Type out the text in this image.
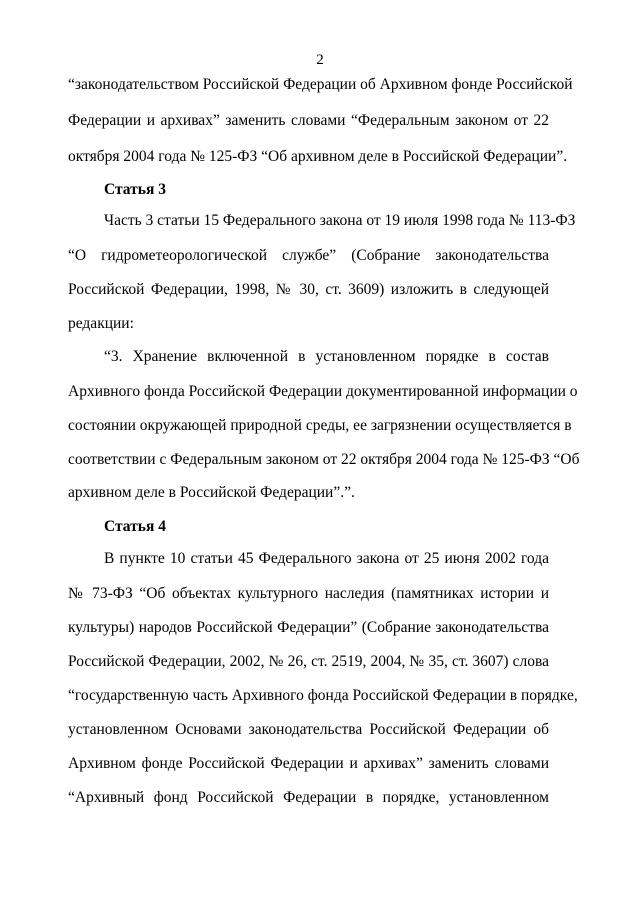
2
“законодательством Российской Федерации об Архивном фонде Российской
Федерации и архивах” заменить словами “Федеральным законом от 22
октября 2004 года № 125-ФЗ “Об архивном деле в Российской Федерации”.
Статья 3
Часть 3 статьи 15 Федерального закона от 19 июля 1998 года № 113-ФЗ
“О гидрометеорологической службе” (Собрание законодательства
Российской Федерации, 1998, № 30, ст. 3609) изложить в следующей
редакции:
“3. Хранение включенной в установленном порядке в состав
Архивного фонда Российской Федерации документированной информации о
состоянии окружающей природной среды, ее загрязнении осуществляется в
соответствии с Федеральным законом от 22 октября 2004 года № 125-ФЗ “Об
архивном деле в Российской Федерации”.”.
Статья 4
В пункте 10 статьи 45 Федерального закона от 25 июня 2002 года
№ 73-ФЗ “Об объектах культурного наследия (памятниках истории и
культуры) народов Российской Федерации” (Собрание законодательства
Российской Федерации, 2002, № 26, ст. 2519, 2004, № 35, ст. 3607) слова
“государственную часть Архивного фонда Российской Федерации в порядке,
установленном Основами законодательства Российской Федерации об
Архивном фонде Российской Федерации и архивах” заменить словами
“Архивный фонд Российской Федерации в порядке, установленном
